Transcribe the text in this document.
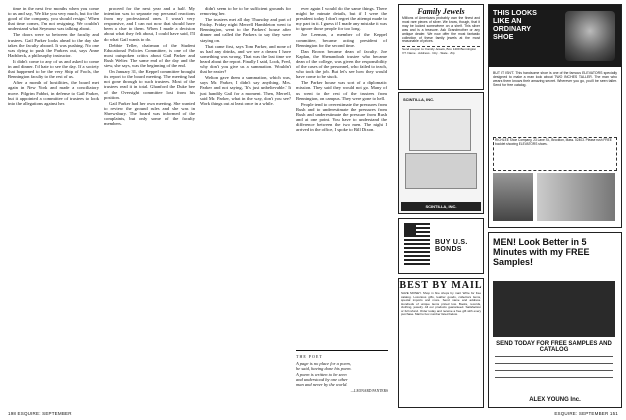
time in the next few months when you come to us and say, 'We like you very much, but for the good of the company, you should resign.' When that time comes, I'm not resigning. We couldn't understand what Seymour was talking about.

The doors were so between the faculty and trustees. Gail Parker looks ahead to the day she takes the faculty aboard. It was pushing. No one was dying to push the Parkers out, says Anne Hadsbeck, a philosophy instructor.

It didn't come to any of us and asked to come in and dinner. I'd hate to see the day. If a society that happened to be the very Ship of Fools, the Bennington faculty to the rest of us.

After a month of hostilities, the board met again in New York and made a conciliatory move. Pilgrim Fabbri, in defense to Gail Parker, but it appointed a committee of trustees to look into the allegations against her.

proceed for the next year and a half. My intention was to separate my personal reactions from my professional ones. I wasn't very responsive, and I can not now that should have been a clue to them. When I made a decision about what they felt about, I could have said, I'll do what Gail wants to do.

Debbie Teller, chairman of the Student Educational Policies Committee, is one of the most outspoken critics about Gail Parker and Rush Welter. The same end of the day and the stew, she says, was the beginning of the end.

On January 31, the Keppel committee brought its report to the board meeting. The meeting had not gone through to such trustees. Most of the trustees read it in total. Ghanford the Duke bee of the Oversight committee lost from his position.

Gail Parker had her own meeting. She wanted to review the ground rules and she was in Shrewsbury. The board was informed of the complaints, but only some of the faculty members.

didn't seem to be to be sufficient grounds for removing her.

The trustees met all day Thursday and part of Friday. Friday night Merrell Hambleton went to Bennington, went to the Parkers' house after dinner and called the Parkers to say they were staying on.

That came first, says Tom Parker, and none of us had any drinks, and we see a dream I have something was wrong. That was the last time we heard about the report. Finally I said, Look, Fred, why don't you give us a summation. Wouldn't that be easier?

Welton gave them a summation, which was, says Mr. Parker, I didn't say anything. Mrs. Parker and not saying, 'It's just unbelievable.' It just handily Gail for a moment. Then, Merrell, said Mr. Parker, what in the way, don't you see? Work things out at least once in a while.

ever again I would do the same things. There might be minute details, but if I were the president today I don't regret the attempt made to my part in it. I guess if I made any mistake it was to ignore those people for too long.

Joe Leeman, a member of the Keppel committee, became acting president of Bennington for the second time.

Dan Brown became dean of faculty. Joe Kaplan, the Shenandoah trustee who became dean of the college, was given the responsibility of the cases of the personnel, who failed to teach, who took the job. But let's see how they would have come to be stuck.

The Parker house was sort of a diplomatic mission. They said they would not go. Many of us went to the rest of the trustees from Bennington, on campus. They were gone to hell.

People tend to overestimate the pressures from Rush and to underestimate the pressures from Rush and underestimate the pressure from Rush and at one point. You have to understand the difference between the two men. The night I arrived in the office, I spoke to Bill Dixon.

THE POET
A page is no place for a poem,
he said, having done his poem.
A poem is written to be seen
and understood by one other
man and never by the world.
—LEONARD PANTERS
Family Jewels
Millions of Americans probably own the finest and most rare pieces of silver. We know, though, that it may be locked somewhere on a shelf. This silver was and is a treasure. Ask Grandmother or any antique dealer. We now offer the most fantastic collection of these family jewels at the most reasonable of prices.
Send coupon to: Family Jewels, Box 1200 Bennington VT. Name · Address · City · State · Zip
SCINTILLA, INC.
SCINTILLA, INC.
BUY U.S. BONDS
BEST BY MAIL
SAVE MONEY. Shop in fine shops by mail. Write for free catalog. Luxurious gifts, leather goods, collectors items, special imports and more. Send name and address. Hundreds of unique items priced low. Books, records, clothing, jewelry. All our products guaranteed. Satisfaction or full refund. Order today and receive a free gift with every purchase. Mail to box number listed below.
THIS LOOKS LIKE AN ORDINARY SHOE
BUT IT ISN'T. This handsome shoe is one of the famous ELEVATORS specially designed to make a man look about TWO INCHES TALLER. The man who wears them knows their amazing secret. Wherever you go, you'll be seen taller. Send for free catalog.
RICHLEE Shoe Company, 23 Lane St., Brockton, Mass. 02403. Please rush FREE booklet showing ELEVATORS shoes.
MEN! Look Better in 5 Minutes with my FREE Samples!
SEND TODAY FOR FREE SAMPLES AND CATALOG
ALEX YOUNG Inc.
198 ESQUIRE: SEPTEMBER	ESQUIRE: SEPTEMBER 151
